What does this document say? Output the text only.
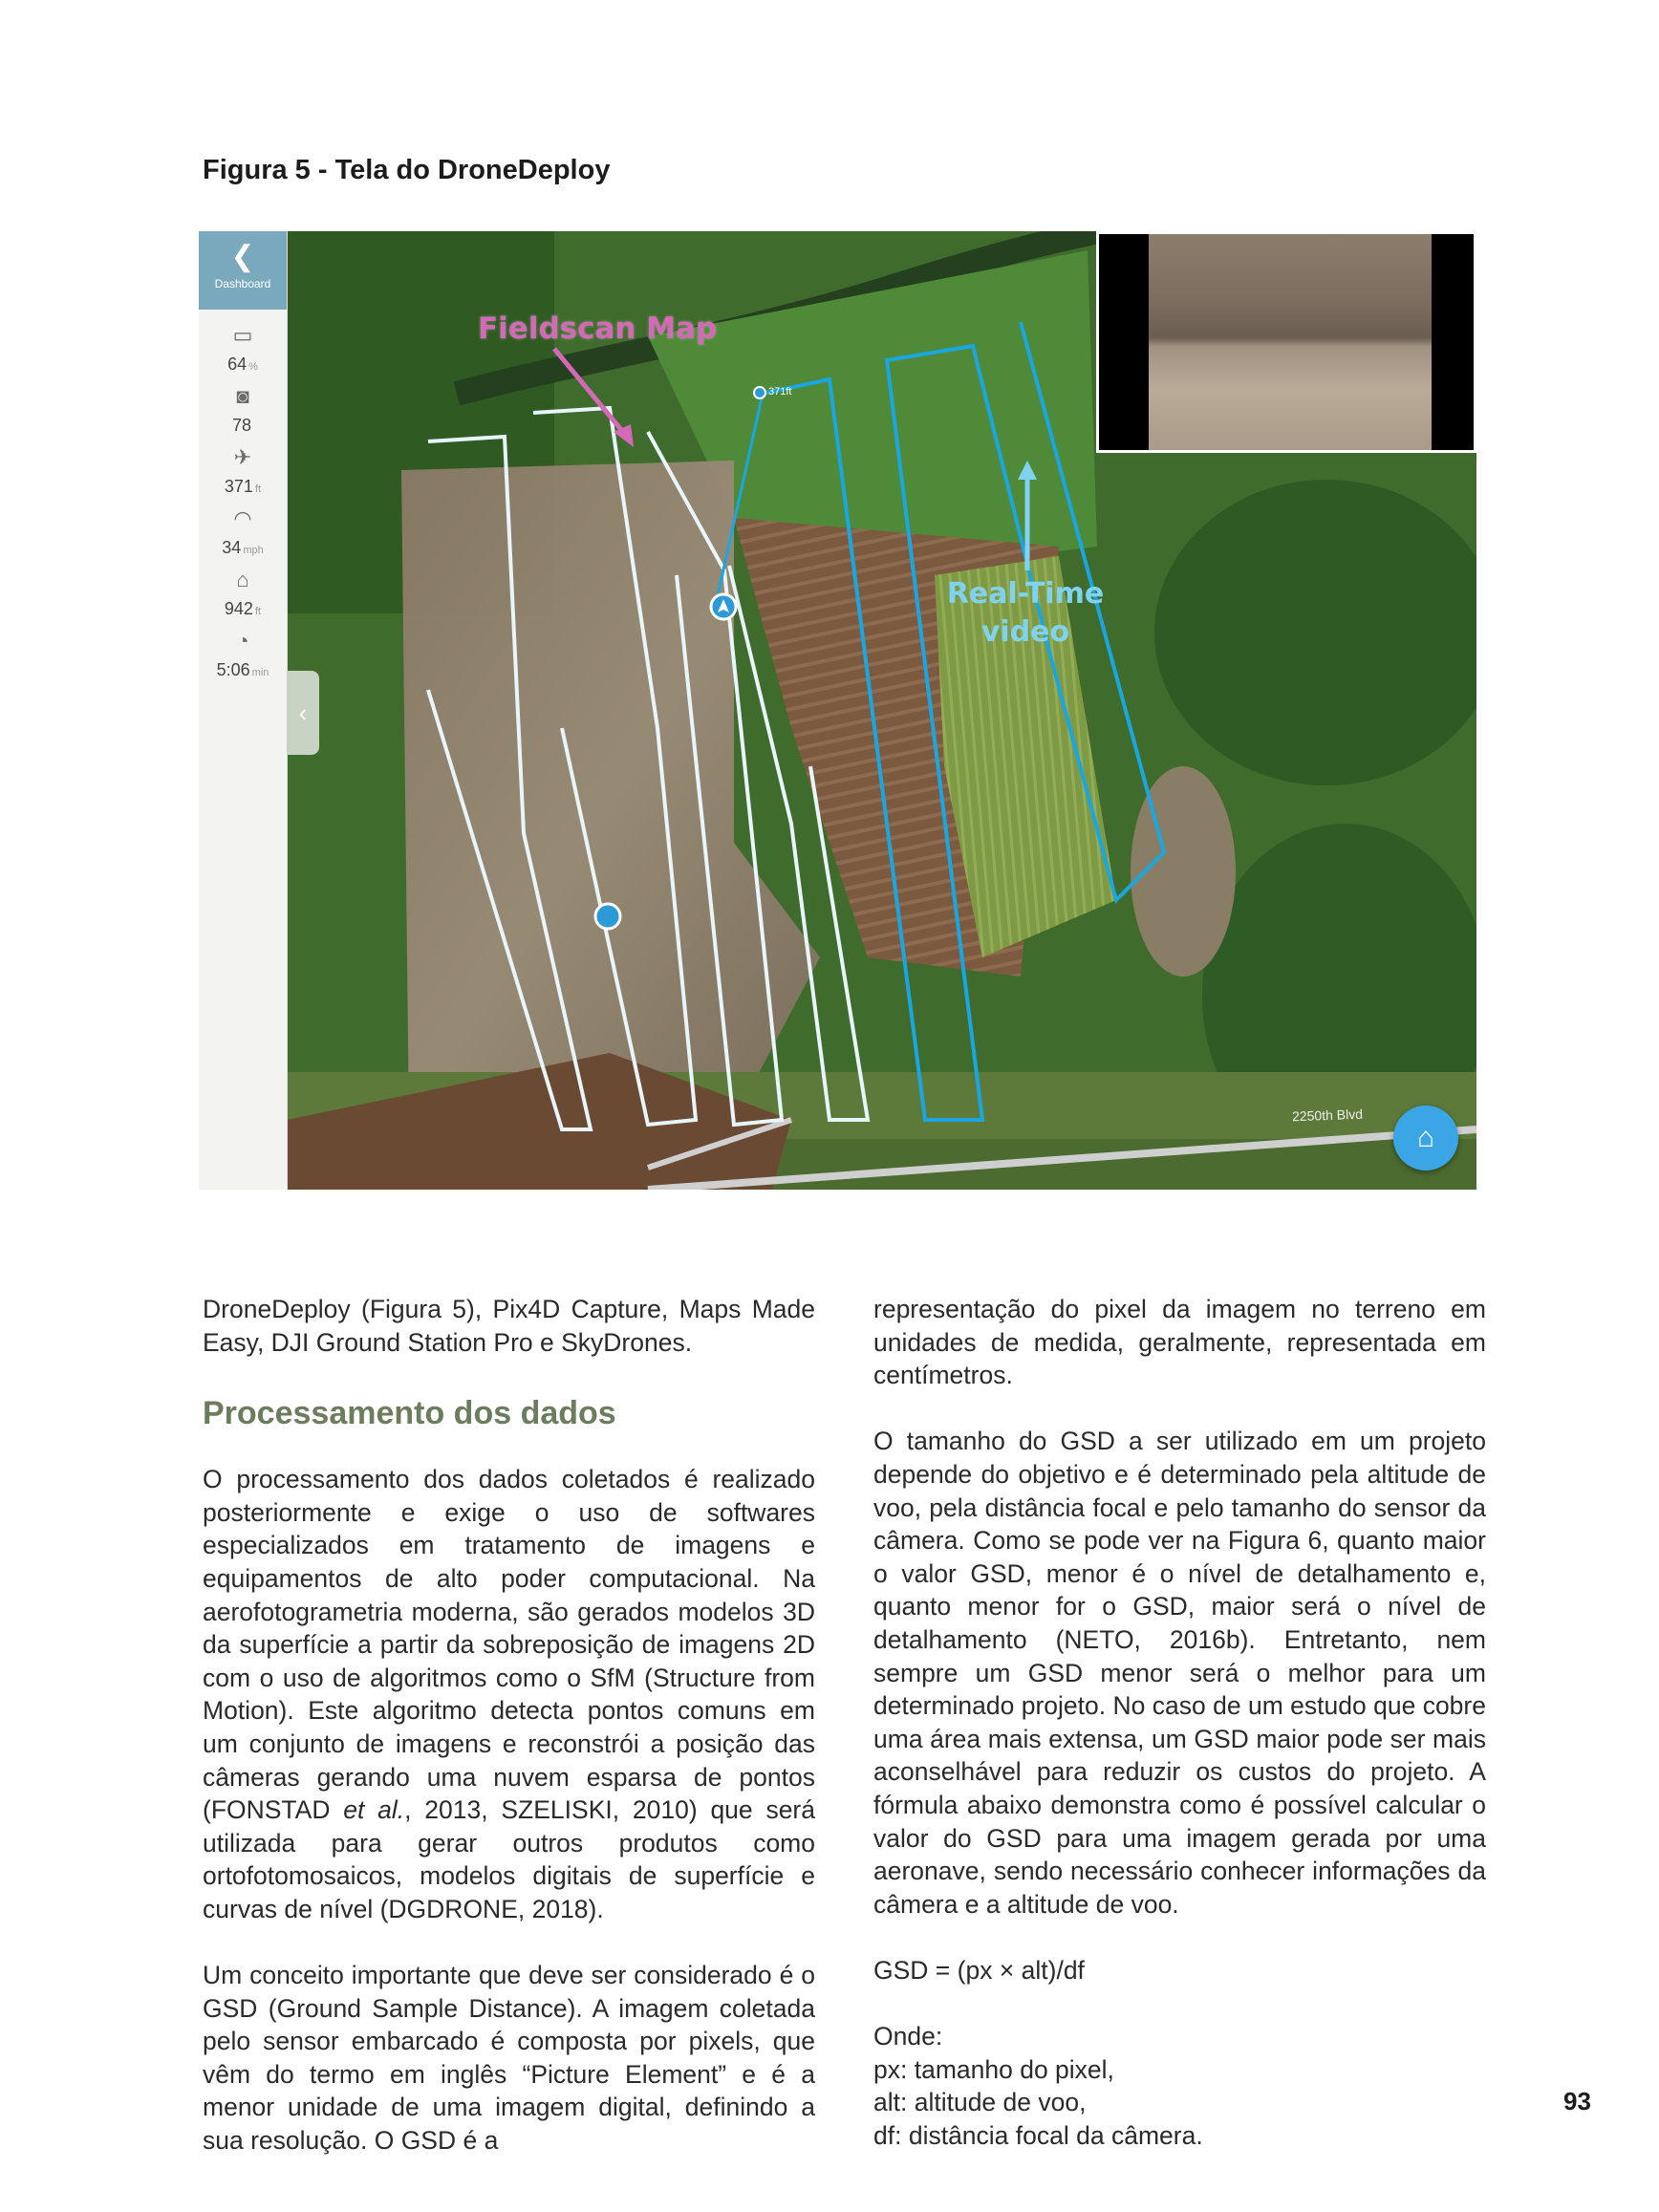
Figura 5 - Tela do DroneDeploy
❮
Dashboard
▭
64 %
◙
78
✈
371 ft
◠
34 mph
⌂
942 ft
◔
5:06 min
‹
Fieldscan Map
Real-Time
video
371ft
2250th Blvd
⌂

DroneDeploy (Figura 5), Pix4D Capture, Maps Made Easy, DJI Ground Station Pro e SkyDrones.

Processamento dos dados

O processamento dos dados coletados é realizado posteriormente e exige o uso de softwares especializados em tratamento de imagens e equipamentos de alto poder computacional. Na aerofotogrametria moderna, são gerados modelos 3D da superfície a partir da sobreposição de imagens 2D com o uso de algoritmos como o SfM (Structure from Motion). Este algoritmo detecta pontos comuns em um conjunto de imagens e reconstrói a posição das câmeras gerando uma nuvem esparsa de pontos (FONSTAD et al., 2013, SZELISKI, 2010) que será utilizada para gerar outros produtos como ortofotomosaicos, modelos digitais de superfície e curvas de nível (DGDRONE, 2018).

Um conceito importante que deve ser considerado é o GSD (Ground Sample Distance). A imagem coletada pelo sensor embarcado é composta por pixels, que vêm do termo em inglês “Picture Element” e é a menor unidade de uma imagem digital, definindo a sua resolução. O GSD é a

representação do pixel da imagem no terreno em unidades de medida, geralmente, representada em centímetros.

O tamanho do GSD a ser utilizado em um projeto depende do objetivo e é determinado pela altitude de voo, pela distância focal e pelo tamanho do sensor da câmera. Como se pode ver na Figura 6, quanto maior o valor GSD, menor é o nível de detalhamento e, quanto menor for o GSD, maior será o nível de detalhamento (NETO, 2016b). Entretanto, nem sempre um GSD menor será o melhor para um determinado projeto. No caso de um estudo que cobre uma área mais extensa, um GSD maior pode ser mais aconselhável para reduzir os custos do projeto. A fórmula abaixo demonstra como é possível calcular o valor do GSD para uma imagem gerada por uma aeronave, sendo necessário conhecer informações da câmera e a altitude de voo.

GSD = (px × alt)/df

Onde:

px: tamanho do pixel,

alt: altitude de voo,

df: distância focal da câmera.

93
